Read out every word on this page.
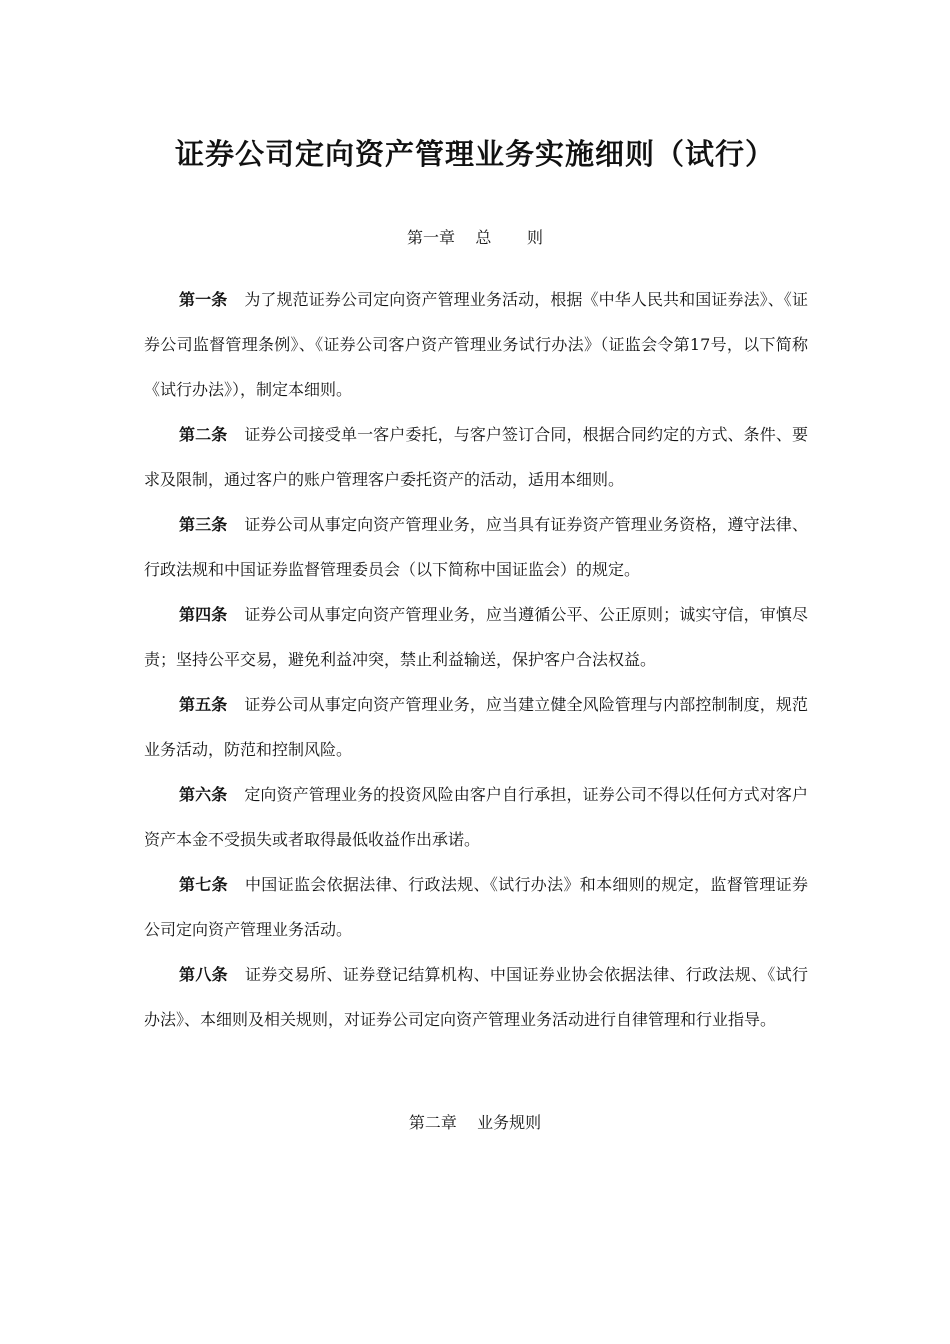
证券公司定向资产管理业务实施细则（试行）
第一章    总       则

第一条 为了规范证券公司定向资产管理业务活动，根据《中华人民共和国证券法》、《证券公司监督管理条例》、《证券公司客户资产管理业务试行办法》（证监会令第17号，以下简称《试行办法》），制定本细则。

第二条 证券公司接受单一客户委托，与客户签订合同，根据合同约定的方式、条件、要求及限制，通过客户的账户管理客户委托资产的活动，适用本细则。

第三条 证券公司从事定向资产管理业务，应当具有证券资产管理业务资格，遵守法律、行政法规和中国证券监督管理委员会（以下简称中国证监会）的规定。

第四条 证券公司从事定向资产管理业务，应当遵循公平、公正原则；诚实守信，审慎尽责；坚持公平交易，避免利益冲突，禁止利益输送，保护客户合法权益。

第五条 证券公司从事定向资产管理业务，应当建立健全风险管理与内部控制制度，规范业务活动，防范和控制风险。

第六条 定向资产管理业务的投资风险由客户自行承担，证券公司不得以任何方式对客户资产本金不受损失或者取得最低收益作出承诺。

第七条 中国证监会依据法律、行政法规、《试行办法》和本细则的规定，监督管理证券公司定向资产管理业务活动。

第八条 证券交易所、证券登记结算机构、中国证券业协会依据法律、行政法规、《试行办法》、本细则及相关规则，对证券公司定向资产管理业务活动进行自律管理和行业指导。

第二章    业务规则
